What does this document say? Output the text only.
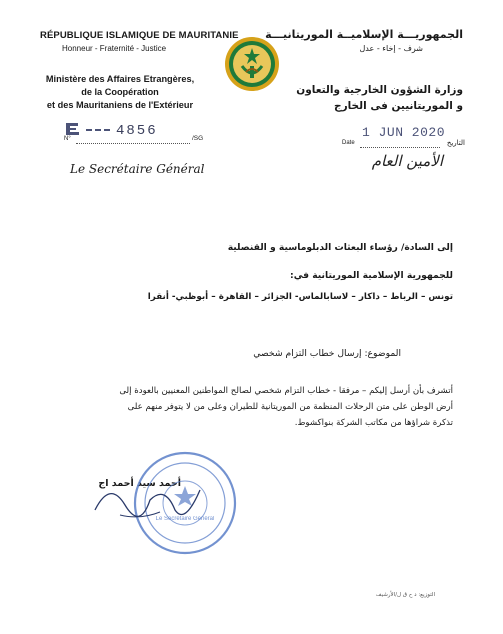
RÉPUBLIQUE ISLAMIQUE DE MAURITANIE
Honneur - Fraternité - Justice
Ministère des Affaires Etrangères,
de la Coopération
et des Mauritaniens de l'Extérieur
الجمهوريـــة الإسلاميــة الموريتانيـــة
شرف - إخاء - عدل
وزارة الشؤون الخارجية والتعاون
و الموريتانيين فى الخارج
4856
N°	/SG	1 JUN 2020
Date	التاريخ
Le Secrétaire Général	الأمين العام
إلى السادة/ رؤساء البعثات الدبلوماسية و القنصلية
للجمهورية الإسلامية الموريتانية في:
تونس – الرباط – داكار – لاسابالماس- الجزائر – القاهرة – أبوظبي- أنقرا
الموضوع: إرسال خطاب التزام شخصي
أتشرف بأن أرسل إليكم – مرفقا - خطاب التزام شخصي لصالح المواطنين المعنيين بالعودة إلى
أرض الوطن على متن الرحلات المنظمة من الموريتانية للطيران وعلى من لا يتوفر منهم على
تذكرة شراؤها من مكاتب الشركة بنواكشوط.
أحمد سيد أحمد اج
Le Secrétaire Général
التوزيع: د ح ق ل/الأرشيف
